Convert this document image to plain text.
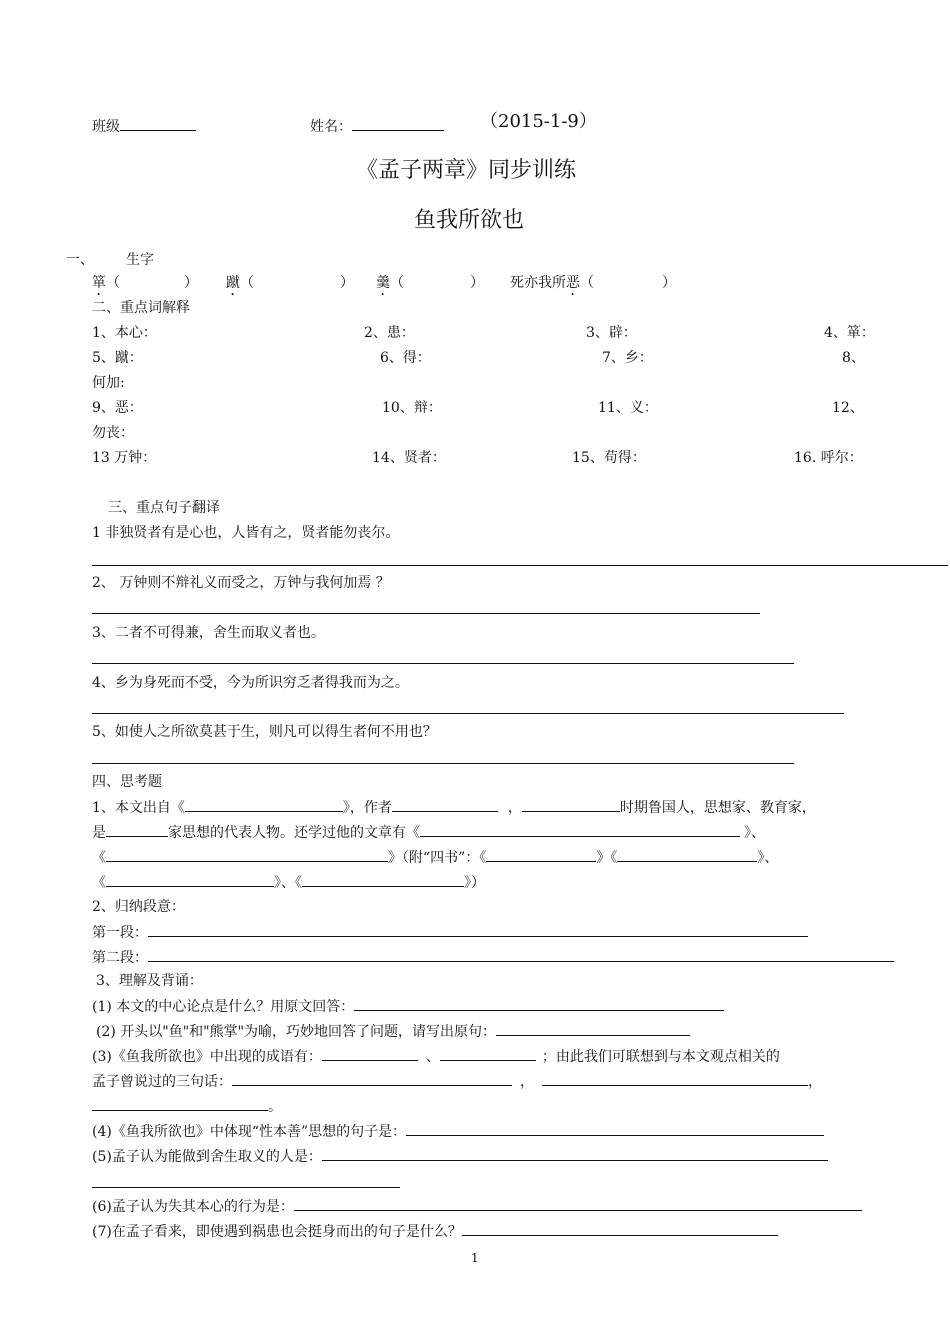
班级	姓名：	（2015-1-9）
《孟子两章》同步训练
鱼我所欲也
一、 生字
箪（	） 蹴（	） 羹（	） 死亦我所恶（	）
二、重点词解释
1、本心：	2、患：	3、辟：	4、箪：
5、蹴：	6、得：	7、乡：	8、
何加:
9、恶：	10、辩：	11、义：	12、
勿丧：
13 万钟：	14、贤者：	15、苟得：	16. 呼尔：
三、重点句子翻译
1 非独贤者有是心也，人皆有之，贤者能勿丧尔。
2、 万钟则不辩礼义而受之，万钟与我何加焉 ？
3、二者不可得兼，舍生而取义者也。
4、乡为身死而不受，今为所识穷乏者得我而为之。
5、如使人之所欲莫甚于生，则凡可以得生者何不用也？
四、思考题
1、本文出自《	》，作者	，	时期鲁国人，思想家、教育家，
是	家思想的代表人物。还学过他的文章有《	》、
《	》（附“四书”：《	》《	》、
《	》、《	》）
2、归纳段意：
第一段：
第二段：
3、理解及背诵：
(1) 本文的中心论点是什么？用原文回答：
(2) 开头以"鱼"和"熊掌"为喻，巧妙地回答了问题，请写出原句：
(3)《鱼我所欲也》中出现的成语有：	、	；由此我们可联想到与本文观点相关的
孟子曾说过的三句话：	，	，
。
(4)《鱼我所欲也》中体现“性本善”思想的句子是：
(5)孟子认为能做到舍生取义的人是：
(6)孟子认为失其本心的行为是：
(7)在孟子看来，即使遇到祸患也会挺身而出的句子是什么？
1
